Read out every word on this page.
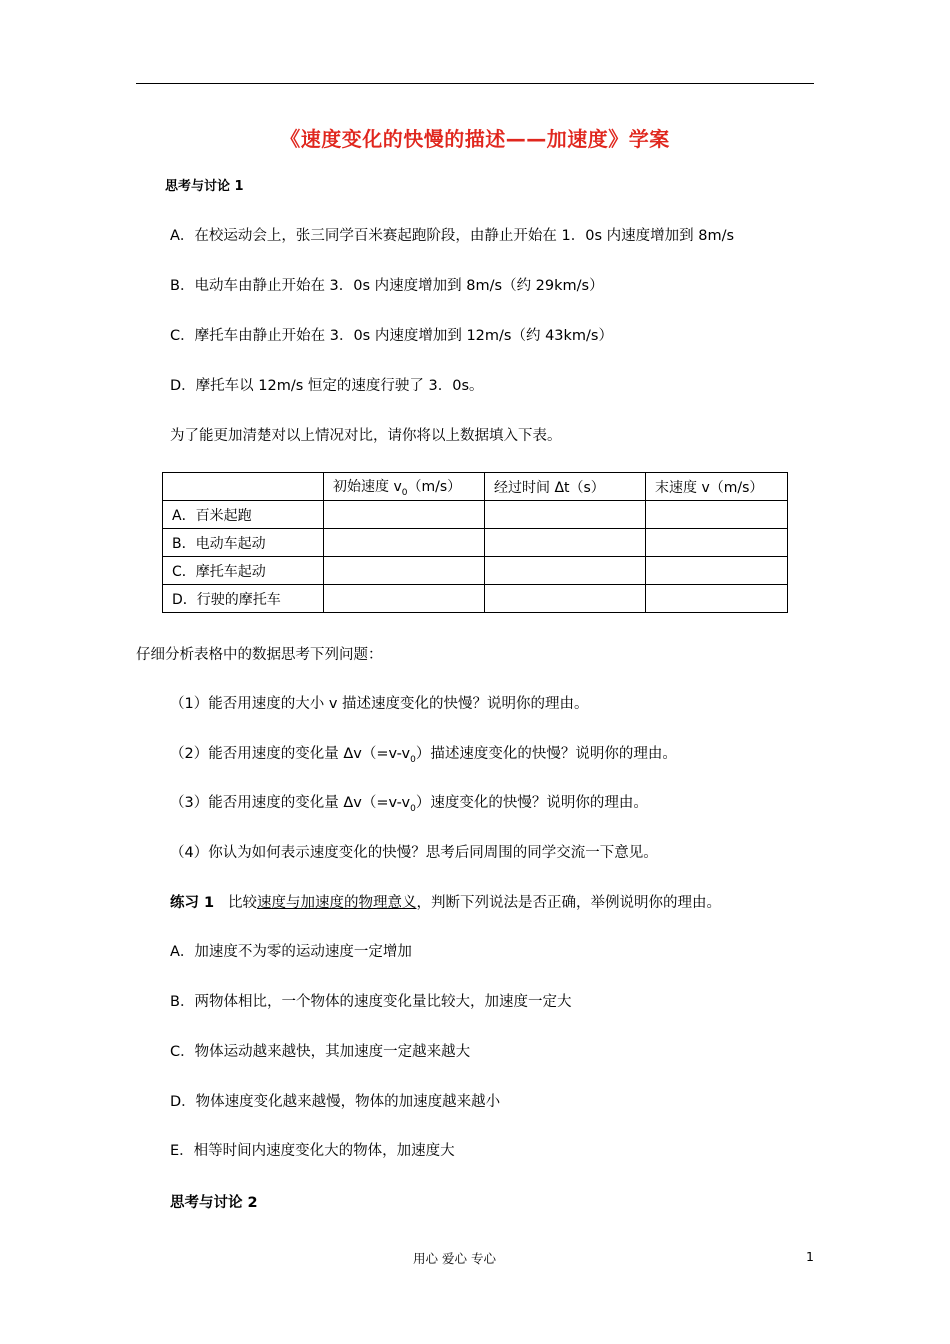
《速度变化的快慢的描述——加速度》学案
思考与讨论 1
A．在校运动会上，张三同学百米赛起跑阶段，由静止开始在 1．0s 内速度增加到 8m/s
B．电动车由静止开始在 3．0s 内速度增加到 8m/s（约 29km/s）
C．摩托车由静止开始在 3．0s 内速度增加到 12m/s（约 43km/s）
D．摩托车以 12m/s 恒定的速度行驶了 3．0s。
为了能更加清楚对以上情况对比，请你将以上数据填入下表。
	初始速度 $v_0(m/s)$	经过时间 Δt（s）	末速度 v（m/s）
A．百米起跑			
B．电动车起动			
C．摩托车起动			
D．行驶的摩托车			
仔细分析表格中的数据思考下列问题：
（1）能否用速度的大小 v 描述速度变化的快慢？说明你的理由。
（2）能否用速度的变化量 $\Delta v(=v-v_0)$描述速度变化的快慢？说明你的理由。
（3）能否用速度的变化量 $\Delta v(=v-v_0)$速度变化的快慢？说明你的理由。
（4）你认为如何表示速度变化的快慢？思考后同周围的同学交流一下意见。
练习 1 比较速度与加速度的物理意义，判断下列说法是否正确，举例说明你的理由。
A．加速度不为零的运动速度一定增加
B．两物体相比，一个物体的速度变化量比较大，加速度一定大
C．物体运动越来越快，其加速度一定越来越大
D．物体速度变化越来越慢，物体的加速度越来越小
E．相等时间内速度变化大的物体，加速度大
思考与讨论 2
用心 爱心 专心	1
